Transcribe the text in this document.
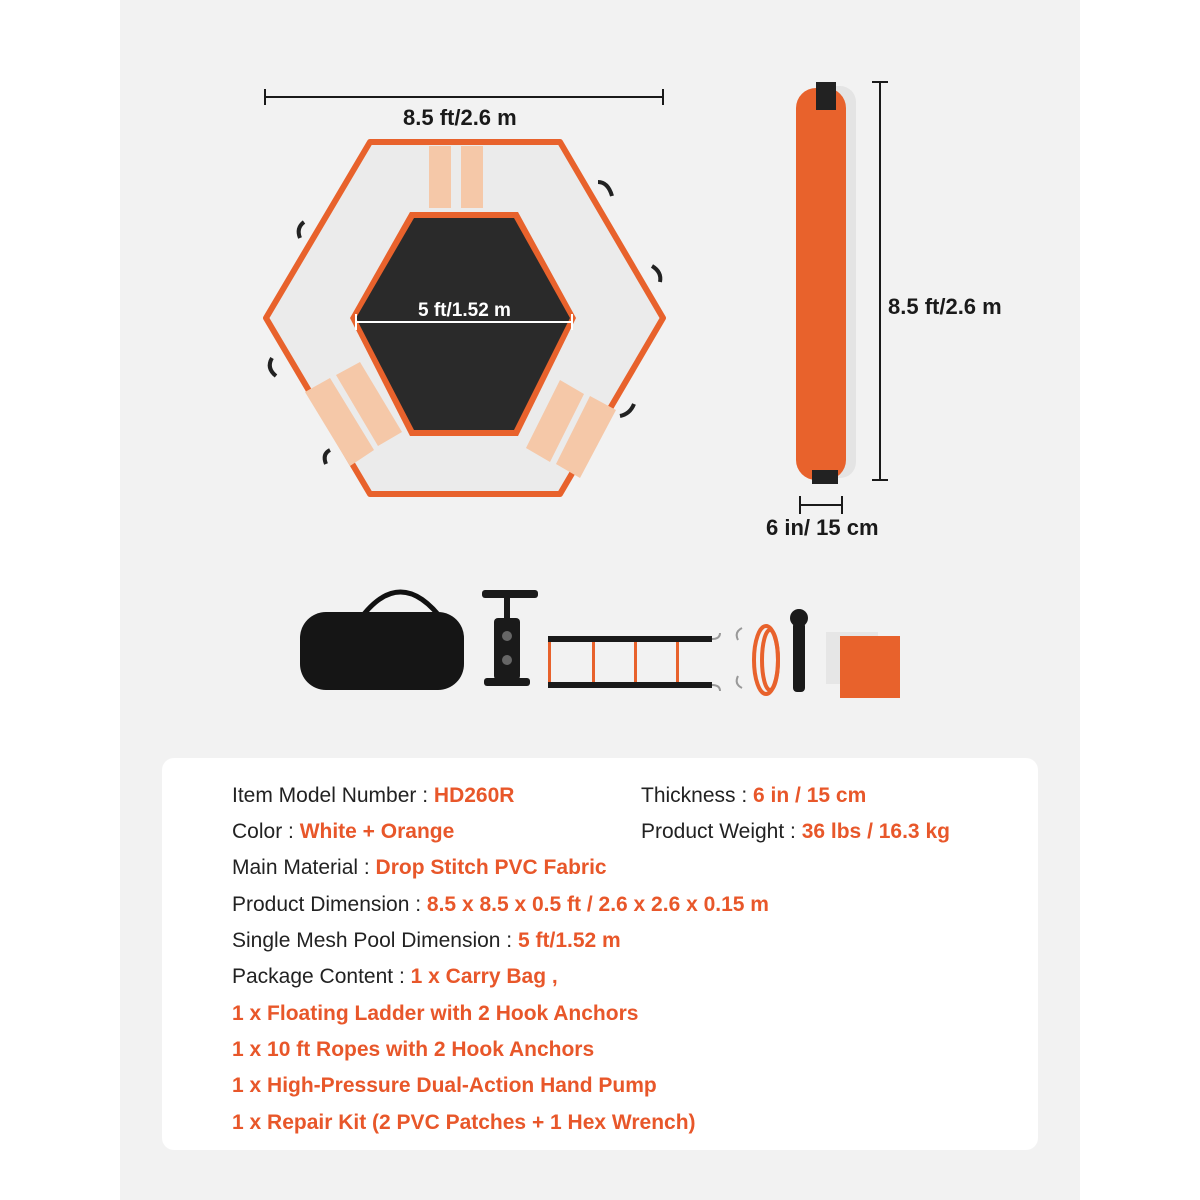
8.5 ft/2.6 m
5 ft/1.52 m	8.5 ft/2.6 m
6 in/ 15 cm
Item Model Number : HD260R	Thickness : 6 in / 15 cm
Color : White + Orange	Product Weight : 36 lbs / 16.3 kg
Main Material : Drop Stitch PVC Fabric
Product Dimension : 8.5 x 8.5 x 0.5 ft / 2.6 x 2.6 x 0.15 m
Single Mesh Pool Dimension : 5 ft/1.52 m
Package Content : 1 x Carry Bag ,
1 x Floating Ladder with 2 Hook Anchors
1 x 10 ft Ropes with 2 Hook Anchors
1 x High-Pressure Dual-Action Hand Pump
1 x Repair Kit (2 PVC Patches + 1 Hex Wrench)
